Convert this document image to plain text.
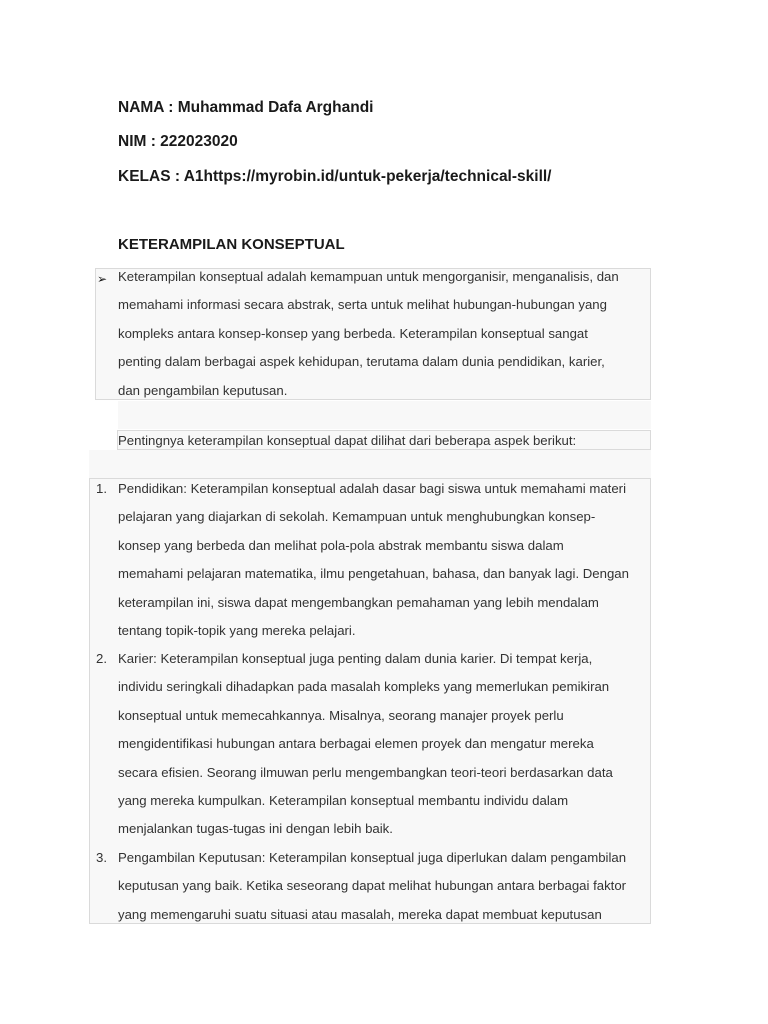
NAMA : Muhammad Dafa Arghandi
NIM : 222023020
KELAS : A1https://myrobin.id/untuk-pekerja/technical-skill/
KETERAMPILAN KONSEPTUAL
➢ Keterampilan konseptual adalah kemampuan untuk mengorganisir, menganalisis, dan
memahami informasi secara abstrak, serta untuk melihat hubungan-hubungan yang
kompleks antara konsep-konsep yang berbeda. Keterampilan konseptual sangat
penting dalam berbagai aspek kehidupan, terutama dalam dunia pendidikan, karier,
dan pengambilan keputusan.
Pentingnya keterampilan konseptual dapat dilihat dari beberapa aspek berikut:
1. Pendidikan: Keterampilan konseptual adalah dasar bagi siswa untuk memahami materi
pelajaran yang diajarkan di sekolah. Kemampuan untuk menghubungkan konsep-
konsep yang berbeda dan melihat pola-pola abstrak membantu siswa dalam
memahami pelajaran matematika, ilmu pengetahuan, bahasa, dan banyak lagi. Dengan
keterampilan ini, siswa dapat mengembangkan pemahaman yang lebih mendalam
tentang topik-topik yang mereka pelajari.
2. Karier: Keterampilan konseptual juga penting dalam dunia karier. Di tempat kerja,
individu seringkali dihadapkan pada masalah kompleks yang memerlukan pemikiran
konseptual untuk memecahkannya. Misalnya, seorang manajer proyek perlu
mengidentifikasi hubungan antara berbagai elemen proyek dan mengatur mereka
secara efisien. Seorang ilmuwan perlu mengembangkan teori-teori berdasarkan data
yang mereka kumpulkan. Keterampilan konseptual membantu individu dalam
menjalankan tugas-tugas ini dengan lebih baik.
3. Pengambilan Keputusan: Keterampilan konseptual juga diperlukan dalam pengambilan
keputusan yang baik. Ketika seseorang dapat melihat hubungan antara berbagai faktor
yang memengaruhi suatu situasi atau masalah, mereka dapat membuat keputusan
